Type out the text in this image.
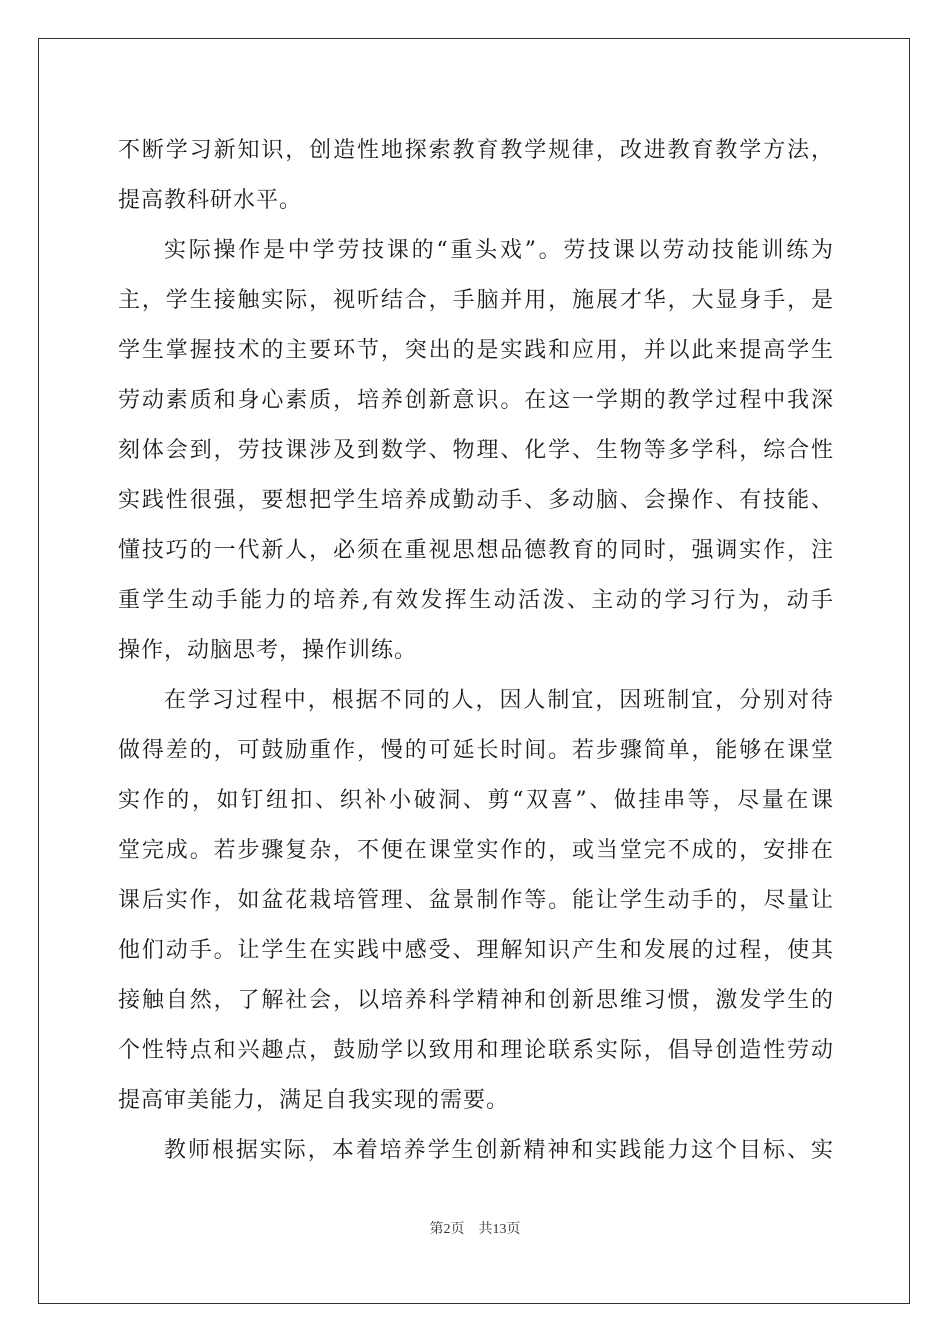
不断学习新知识，创造性地探索教育教学规律，改进教育教学方法，
提高教科研水平。
实际操作是中学劳技课的“重头戏”。劳技课以劳动技能训练为
主，学生接触实际，视听结合，手脑并用，施展才华，大显身手，是
学生掌握技术的主要环节，突出的是实践和应用，并以此来提高学生
劳动素质和身心素质，培养创新意识。在这一学期的教学过程中我深
刻体会到，劳技课涉及到数学、物理、化学、生物等多学科，综合性
实践性很强，要想把学生培养成勤动手、多动脑、会操作、有技能、
懂技巧的一代新人，必须在重视思想品德教育的同时，强调实作，注
重学生动手能力的培养,有效发挥生动活泼、主动的学习行为，动手
操作，动脑思考，操作训练。
在学习过程中，根据不同的人，因人制宜，因班制宜，分别对待
做得差的，可鼓励重作，慢的可延长时间。若步骤简单，能够在课堂
实作的，如钉纽扣、织补小破洞、剪“双喜”、做挂串等，尽量在课
堂完成。若步骤复杂，不便在课堂实作的，或当堂完不成的，安排在
课后实作，如盆花栽培管理、盆景制作等。能让学生动手的，尽量让
他们动手。让学生在实践中感受、理解知识产生和发展的过程，使其
接触自然，了解社会，以培养科学精神和创新思维习惯，激发学生的
个性特点和兴趣点，鼓励学以致用和理论联系实际，倡导创造性劳动
提高审美能力，满足自我实现的需要。
教师根据实际，本着培养学生创新精神和实践能力这个目标、实
第2页 共13页
